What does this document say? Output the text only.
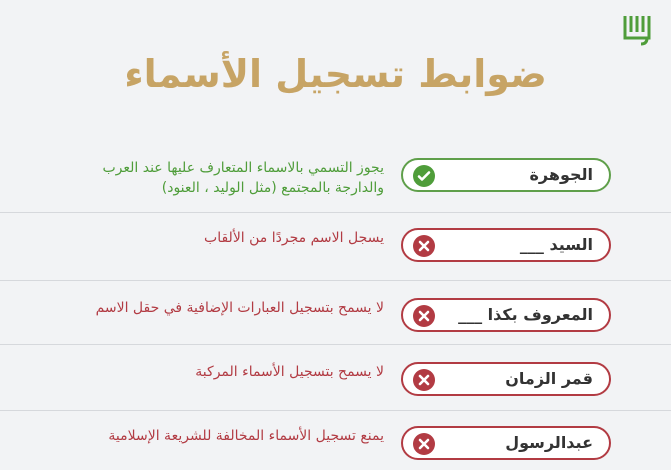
ضوابط تسجيل الأسماء
الجوهرة
يجوز التسمي بالاسماء المتعارف عليها عند العرب والدارجة بالمجتمع (مثل الوليد ، العنود)
السيد ___
يسجل الاسم مجردًا من الألقاب
المعروف بكذا ___
لا يسمح بتسجيل العبارات الإضافية في حقل الاسم
قمر الزمان
لا يسمح بتسجيل الأسماء المركبة
عبدالرسول
يمنع تسجيل الأسماء المخالفة للشريعة الإسلامية
